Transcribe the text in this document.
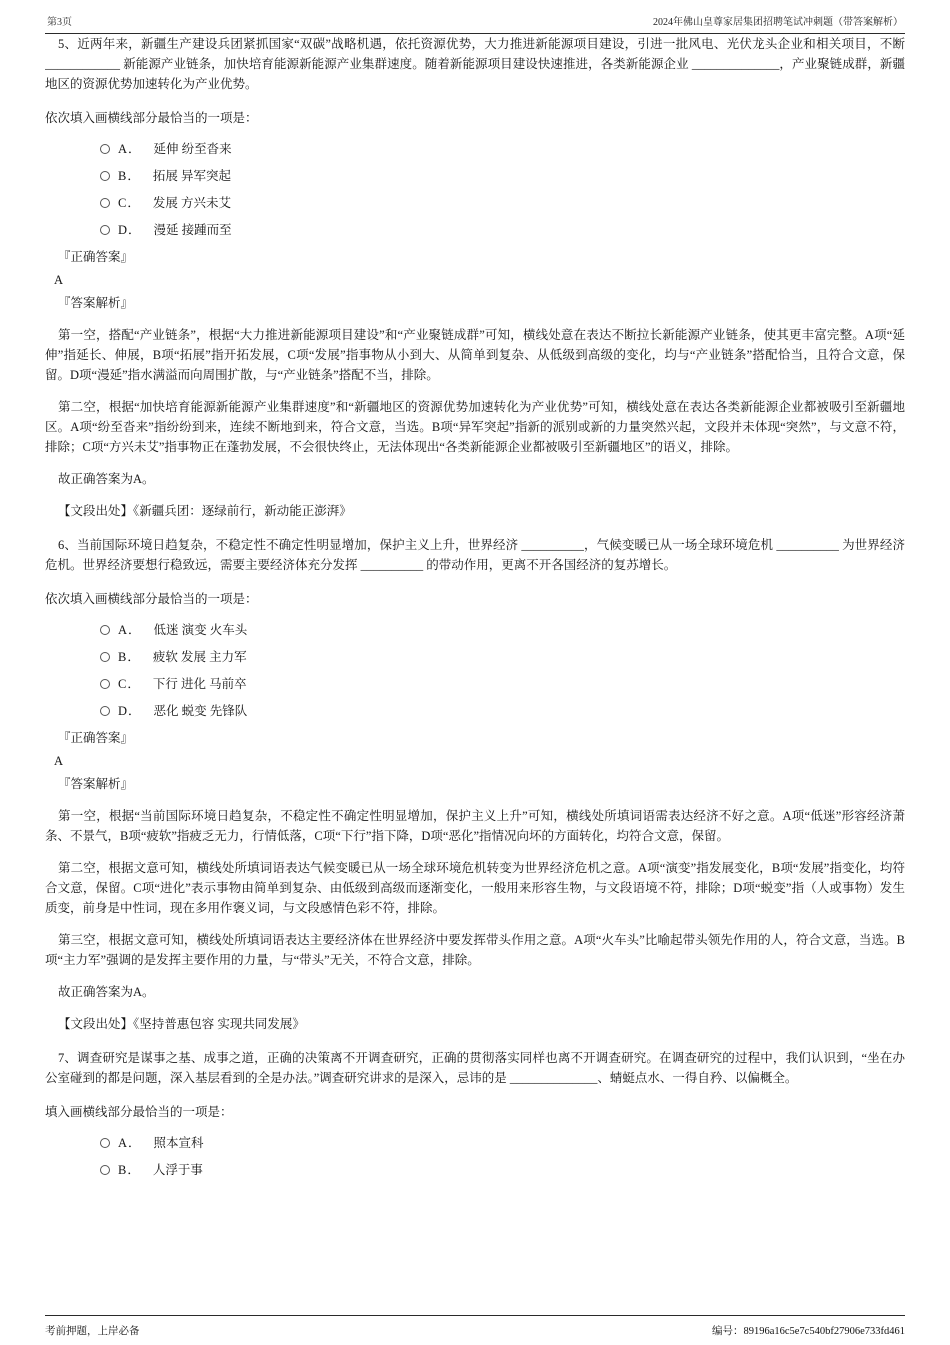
第3页	2024年佛山皇尊家居集团招聘笔试冲刺题（带答案解析）

5、近两年来，新疆生产建设兵团紧抓国家“双碳”战略机遇，依托资源优势，大力推进新能源项目建设，引进一批风电、光伏龙头企业和相关项目，不断 ____________ 新能源产业链条，加快培育能源新能源产业集群速度。随着新能源项目建设快速推进，各类新能源企业 ______________，产业聚链成群，新疆地区的资源优势加速转化为产业优势。

依次填入画横线部分最恰当的一项是：

A． 延伸 纷至沓来
B． 拓展 异军突起
C． 发展 方兴未艾
D． 漫延 接踵而至

『正确答案』

A

『答案解析』

第一空，搭配“产业链条”，根据“大力推进新能源项目建设”和“产业聚链成群”可知，横线处意在表达不断拉长新能源产业链条，使其更丰富完整。A项“延伸”指延长、伸展，B项“拓展”指开拓发展，C项“发展”指事物从小到大、从简单到复杂、从低级到高级的变化，均与“产业链条”搭配恰当，且符合文意，保留。D项“漫延”指水满溢而向周围扩散，与“产业链条”搭配不当，排除。

第二空，根据“加快培育能源新能源产业集群速度”和“新疆地区的资源优势加速转化为产业优势”可知，横线处意在表达各类新能源企业都被吸引至新疆地区。A项“纷至沓来”指纷纷到来，连续不断地到来，符合文意，当选。B项“异军突起”指新的派别或新的力量突然兴起，文段并未体现“突然”，与文意不符，排除；C项“方兴未艾”指事物正在蓬勃发展，不会很快终止，无法体现出“各类新能源企业都被吸引至新疆地区”的语义，排除。

故正确答案为A。

【文段出处】《新疆兵团：逐绿前行，新动能正澎湃》

6、当前国际环境日趋复杂，不稳定性不确定性明显增加，保护主义上升，世界经济 __________，气候变暖已从一场全球环境危机 __________ 为世界经济危机。世界经济要想行稳致远，需要主要经济体充分发挥 __________ 的带动作用，更离不开各国经济的复苏增长。

依次填入画横线部分最恰当的一项是：

A． 低迷 演变 火车头
B． 疲软 发展 主力军
C． 下行 进化 马前卒
D． 恶化 蜕变 先锋队

『正确答案』

A

『答案解析』

第一空，根据“当前国际环境日趋复杂，不稳定性不确定性明显增加，保护主义上升”可知，横线处所填词语需表达经济不好之意。A项“低迷”形容经济萧条、不景气，B项“疲软”指疲乏无力，行情低落，C项“下行”指下降，D项“恶化”指情况向坏的方面转化，均符合文意，保留。

第二空，根据文意可知，横线处所填词语表达气候变暖已从一场全球环境危机转变为世界经济危机之意。A项“演变”指发展变化，B项“发展”指变化，均符合文意，保留。C项“进化”表示事物由简单到复杂、由低级到高级而逐渐变化，一般用来形容生物，与文段语境不符，排除；D项“蜕变”指（人或事物）发生质变，前身是中性词，现在多用作褒义词，与文段感情色彩不符，排除。

第三空，根据文意可知，横线处所填词语表达主要经济体在世界经济中要发挥带头作用之意。A项“火车头”比喻起带头领先作用的人，符合文意，当选。B项“主力军”强调的是发挥主要作用的力量，与“带头”无关，不符合文意，排除。

故正确答案为A。

【文段出处】《坚持普惠包容 实现共同发展》

7、调查研究是谋事之基、成事之道，正确的决策离不开调查研究，正确的贯彻落实同样也离不开调查研究。在调查研究的过程中，我们认识到，“坐在办公室碰到的都是问题，深入基层看到的全是办法。”调查研究讲求的是深入，忌讳的是 ______________、蜻蜓点水、一得自矜、以偏概全。

填入画横线部分最恰当的一项是：

A． 照本宣科
B． 人浮于事
考前押题，上岸必备	编号：89196a16c5e7c540bf27906e733fd461
